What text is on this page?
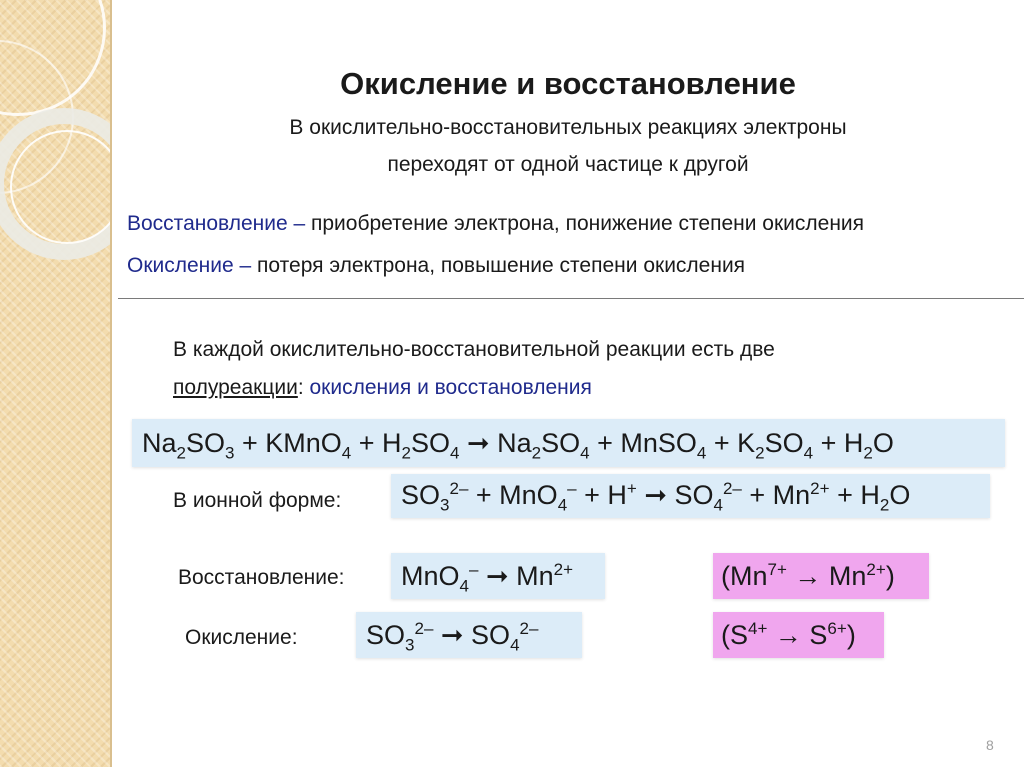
Окисление и восстановление
В окислительно-восстановительных реакциях электроны
переходят от одной частице к другой
Восстановление – приобретение электрона, понижение степени окисления
Окисление – потеря электрона, повышение степени окисления
В каждой окислительно-восстановительной реакции есть две
полуреакции: окисления и восстановления
$Na_2SO_3$ + KMnO$_4$ + $H_2SO_4$ ➞ $Na_2SO_4$ + MnSO$_4$ + $K_2SO_4 + H_2O$
В ионной форме: $SO_3^{2-} + MnO_4^- + H^+$ ➞ $SO_4^{2-} + Mn^{2+} + H_2O$
Восстановление: MnO$_4$– ➞ $Mn^{2+}$	$(Mn^{7+} \to Mn^{2+})$
Окисление:	$SO_3^{2-}$ ➞ $SO_4^{2-}$	$(S^{4+} \to S^{6+})$
8
